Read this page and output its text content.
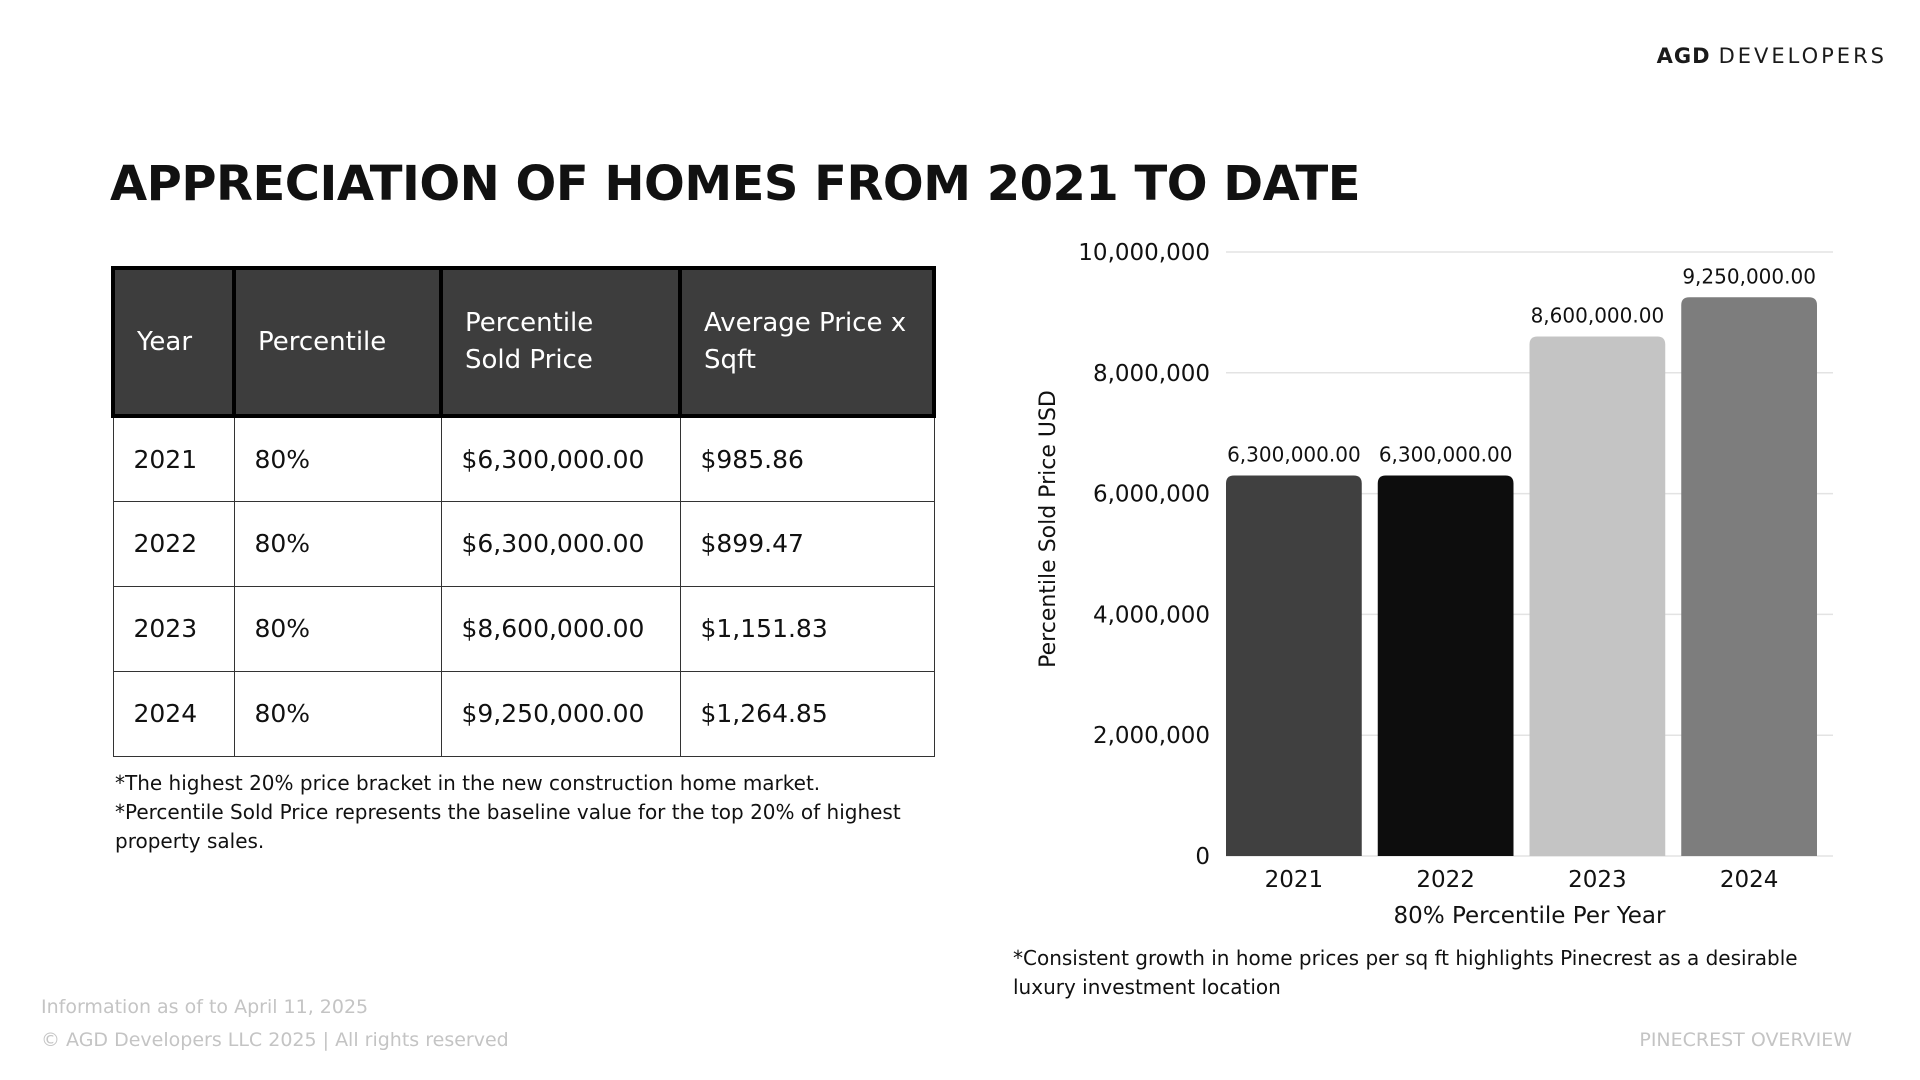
AGD DEVELOPERS
APPRECIATION OF HOMES FROM 2021 TO DATE
Year	Percentile	Percentile Sold Price	Average Price x Sqft
2021	80%	$6,300,000.00	$985.86
2022	80%	$6,300,000.00	$899.47
2023	80%	$8,600,000.00	$1,151.83
2024	80%	$9,250,000.00	$1,264.85

*The highest 20% price bracket in the new construction home market.

*Percentile Sold Price represents the baseline value for the top 20% of highest property sales.

0
2,000,000
4,000,000
6,000,000
8,000,000
10,000,000
6,300,000.00
2021
6,300,000.00
2022
8,600,000.00
2023
9,250,000.00
2024
80% Percentile Per Year
Percentile Sold Price USD
*Consistent growth in home prices per sq ft highlights Pinecrest as a desirable luxury investment location
Information as of to April 11, 2025
© AGD Developers LLC 2025 | All rights reserved	PINECREST OVERVIEW
